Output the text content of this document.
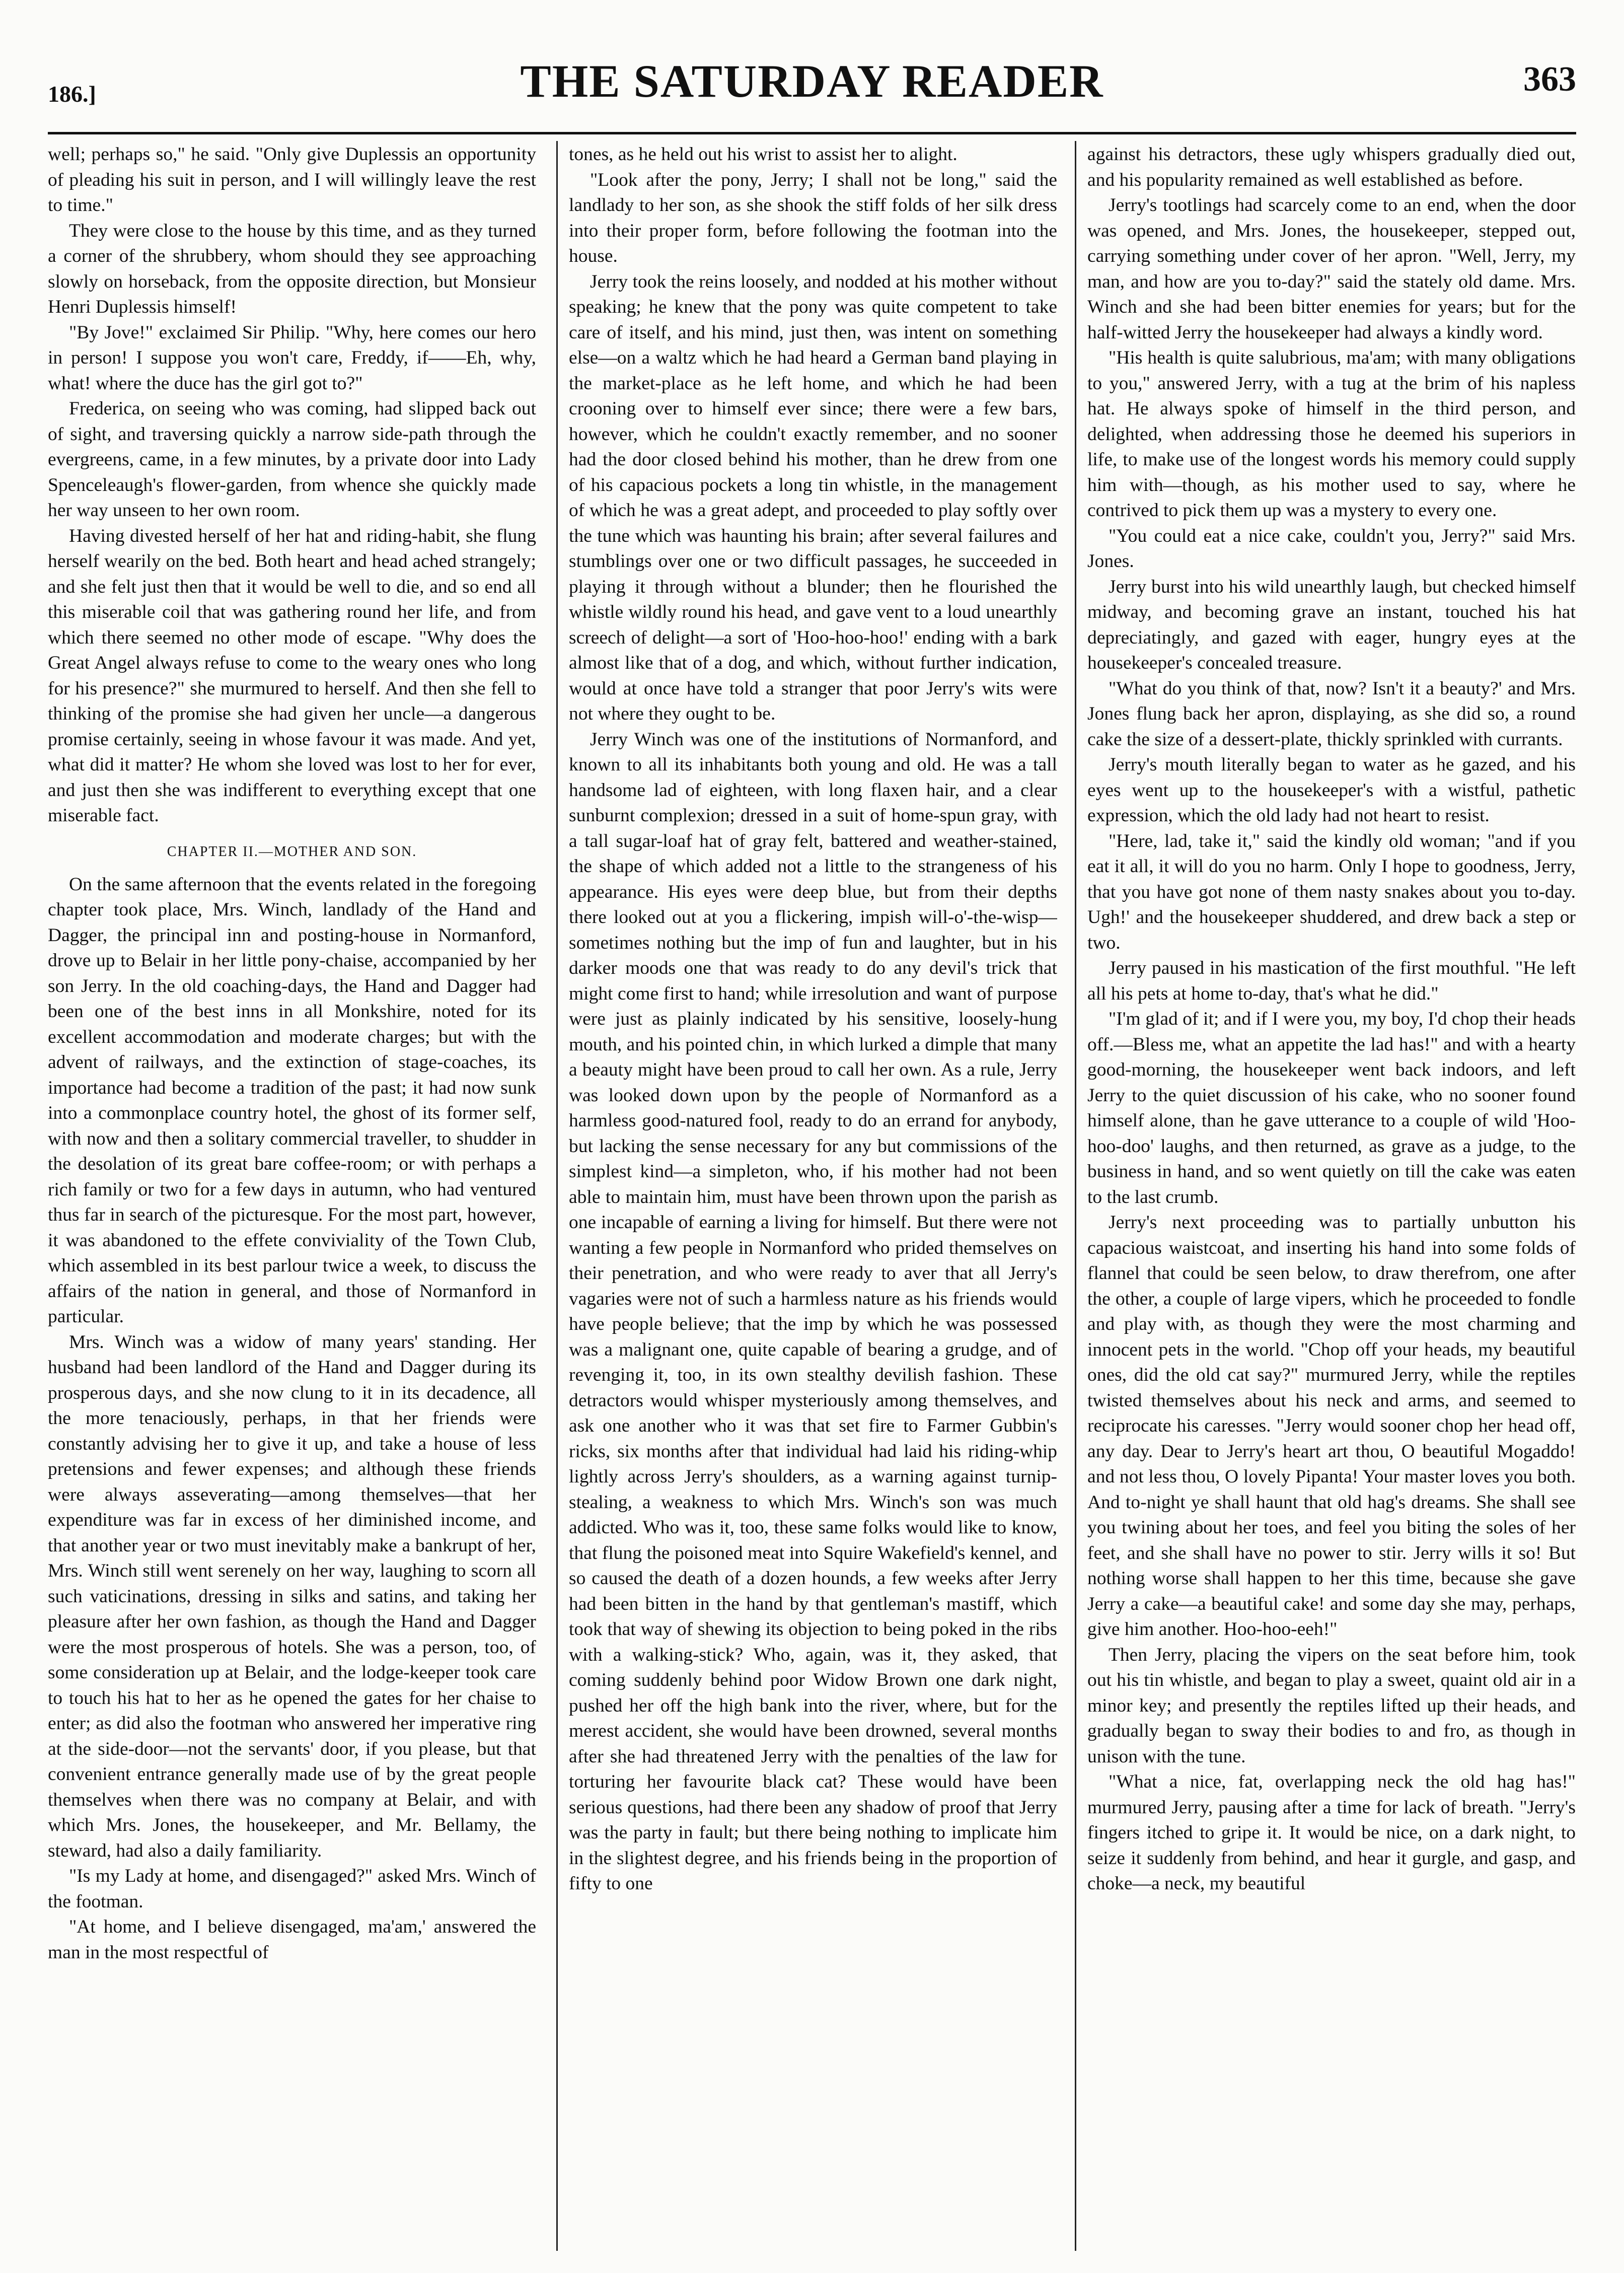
186.]	THE SATURDAY READER	363

well; perhaps so," he said. "Only give Duplessis an opportunity of pleading his suit in person, and I will willingly leave the rest to time."

They were close to the house by this time, and as they turned a corner of the shrubbery, whom should they see approaching slowly on horseback, from the opposite direction, but Monsieur Henri Duplessis himself!

"By Jove!" exclaimed Sir Philip. "Why, here comes our hero in person! I suppose you won't care, Freddy, if——Eh, why, what! where the duce has the girl got to?"

Frederica, on seeing who was coming, had slipped back out of sight, and traversing quickly a narrow side-path through the evergreens, came, in a few minutes, by a private door into Lady Spenceleaugh's flower-garden, from whence she quickly made her way unseen to her own room.

Having divested herself of her hat and riding-habit, she flung herself wearily on the bed. Both heart and head ached strangely; and she felt just then that it would be well to die, and so end all this miserable coil that was gathering round her life, and from which there seemed no other mode of escape. "Why does the Great Angel always refuse to come to the weary ones who long for his presence?" she murmured to herself. And then she fell to thinking of the promise she had given her uncle—a dangerous promise certainly, seeing in whose favour it was made. And yet, what did it matter? He whom she loved was lost to her for ever, and just then she was indifferent to everything except that one miserable fact.

CHAPTER II.—MOTHER AND SON.

On the same afternoon that the events related in the foregoing chapter took place, Mrs. Winch, landlady of the Hand and Dagger, the principal inn and posting-house in Normanford, drove up to Belair in her little pony-chaise, accompanied by her son Jerry. In the old coaching-days, the Hand and Dagger had been one of the best inns in all Monkshire, noted for its excellent accommodation and moderate charges; but with the advent of railways, and the extinction of stage-coaches, its importance had become a tradition of the past; it had now sunk into a commonplace country hotel, the ghost of its former self, with now and then a solitary commercial traveller, to shudder in the desolation of its great bare coffee-room; or with perhaps a rich family or two for a few days in autumn, who had ventured thus far in search of the picturesque. For the most part, however, it was abandoned to the effete conviviality of the Town Club, which assembled in its best parlour twice a week, to discuss the affairs of the nation in general, and those of Normanford in particular.

Mrs. Winch was a widow of many years' standing. Her husband had been landlord of the Hand and Dagger during its prosperous days, and she now clung to it in its decadence, all the more tenaciously, perhaps, in that her friends were constantly advising her to give it up, and take a house of less pretensions and fewer expenses; and although these friends were always asseverating—among themselves—that her expenditure was far in excess of her diminished income, and that another year or two must inevitably make a bankrupt of her, Mrs. Winch still went serenely on her way, laughing to scorn all such vaticinations, dressing in silks and satins, and taking her pleasure after her own fashion, as though the Hand and Dagger were the most prosperous of hotels. She was a person, too, of some consideration up at Belair, and the lodge-keeper took care to touch his hat to her as he opened the gates for her chaise to enter; as did also the footman who answered her imperative ring at the side-door—not the servants' door, if you please, but that convenient entrance generally made use of by the great people themselves when there was no company at Belair, and with which Mrs. Jones, the housekeeper, and Mr. Bellamy, the steward, had also a daily familiarity.

"Is my Lady at home, and disengaged?" asked Mrs. Winch of the footman.

"At home, and I believe disengaged, ma'am,' answered the man in the most respectful of

tones, as he held out his wrist to assist her to alight.

"Look after the pony, Jerry; I shall not be long," said the landlady to her son, as she shook the stiff folds of her silk dress into their proper form, before following the footman into the house.

Jerry took the reins loosely, and nodded at his mother without speaking; he knew that the pony was quite competent to take care of itself, and his mind, just then, was intent on something else—on a waltz which he had heard a German band playing in the market-place as he left home, and which he had been crooning over to himself ever since; there were a few bars, however, which he couldn't exactly remember, and no sooner had the door closed behind his mother, than he drew from one of his capacious pockets a long tin whistle, in the management of which he was a great adept, and proceeded to play softly over the tune which was haunting his brain; after several failures and stumblings over one or two difficult passages, he succeeded in playing it through without a blunder; then he flourished the whistle wildly round his head, and gave vent to a loud unearthly screech of delight—a sort of 'Hoo-hoo-hoo!' ending with a bark almost like that of a dog, and which, without further indication, would at once have told a stranger that poor Jerry's wits were not where they ought to be.

Jerry Winch was one of the institutions of Normanford, and known to all its inhabitants both young and old. He was a tall handsome lad of eighteen, with long flaxen hair, and a clear sunburnt complexion; dressed in a suit of home-spun gray, with a tall sugar-loaf hat of gray felt, battered and weather-stained, the shape of which added not a little to the strangeness of his appearance. His eyes were deep blue, but from their depths there looked out at you a flickering, impish will-o'-the-wisp—sometimes nothing but the imp of fun and laughter, but in his darker moods one that was ready to do any devil's trick that might come first to hand; while irresolution and want of purpose were just as plainly indicated by his sensitive, loosely-hung mouth, and his pointed chin, in which lurked a dimple that many a beauty might have been proud to call her own. As a rule, Jerry was looked down upon by the people of Normanford as a harmless good-natured fool, ready to do an errand for anybody, but lacking the sense necessary for any but commissions of the simplest kind—a simpleton, who, if his mother had not been able to maintain him, must have been thrown upon the parish as one incapable of earning a living for himself. But there were not wanting a few people in Normanford who prided themselves on their penetration, and who were ready to aver that all Jerry's vagaries were not of such a harmless nature as his friends would have people believe; that the imp by which he was possessed was a malignant one, quite capable of bearing a grudge, and of revenging it, too, in its own stealthy devilish fashion. These detractors would whisper mysteriously among themselves, and ask one another who it was that set fire to Farmer Gubbin's ricks, six months after that individual had laid his riding-whip lightly across Jerry's shoulders, as a warning against turnip-stealing, a weakness to which Mrs. Winch's son was much addicted. Who was it, too, these same folks would like to know, that flung the poisoned meat into Squire Wakefield's kennel, and so caused the death of a dozen hounds, a few weeks after Jerry had been bitten in the hand by that gentleman's mastiff, which took that way of shewing its objection to being poked in the ribs with a walking-stick? Who, again, was it, they asked, that coming suddenly behind poor Widow Brown one dark night, pushed her off the high bank into the river, where, but for the merest accident, she would have been drowned, several months after she had threatened Jerry with the penalties of the law for torturing her favourite black cat? These would have been serious questions, had there been any shadow of proof that Jerry was the party in fault; but there being nothing to implicate him in the slightest degree, and his friends being in the proportion of fifty to one

against his detractors, these ugly whispers gradually died out, and his popularity remained as well established as before.

Jerry's tootlings had scarcely come to an end, when the door was opened, and Mrs. Jones, the housekeeper, stepped out, carrying something under cover of her apron. "Well, Jerry, my man, and how are you to-day?" said the stately old dame. Mrs. Winch and she had been bitter enemies for years; but for the half-witted Jerry the housekeeper had always a kindly word.

"His health is quite salubrious, ma'am; with many obligations to you," answered Jerry, with a tug at the brim of his napless hat. He always spoke of himself in the third person, and delighted, when addressing those he deemed his superiors in life, to make use of the longest words his memory could supply him with—though, as his mother used to say, where he contrived to pick them up was a mystery to every one.

"You could eat a nice cake, couldn't you, Jerry?" said Mrs. Jones.

Jerry burst into his wild unearthly laugh, but checked himself midway, and becoming grave an instant, touched his hat depreciatingly, and gazed with eager, hungry eyes at the housekeeper's concealed treasure.

"What do you think of that, now? Isn't it a beauty?' and Mrs. Jones flung back her apron, displaying, as she did so, a round cake the size of a dessert-plate, thickly sprinkled with currants.

Jerry's mouth literally began to water as he gazed, and his eyes went up to the housekeeper's with a wistful, pathetic expression, which the old lady had not heart to resist.

"Here, lad, take it," said the kindly old woman; "and if you eat it all, it will do you no harm. Only I hope to goodness, Jerry, that you have got none of them nasty snakes about you to-day. Ugh!' and the housekeeper shuddered, and drew back a step or two.

Jerry paused in his mastication of the first mouthful. "He left all his pets at home to-day, that's what he did."

"I'm glad of it; and if I were you, my boy, I'd chop their heads off.—Bless me, what an appetite the lad has!" and with a hearty good-morning, the housekeeper went back indoors, and left Jerry to the quiet discussion of his cake, who no sooner found himself alone, than he gave utterance to a couple of wild 'Hoo-hoo-doo' laughs, and then returned, as grave as a judge, to the business in hand, and so went quietly on till the cake was eaten to the last crumb.

Jerry's next proceeding was to partially unbutton his capacious waistcoat, and inserting his hand into some folds of flannel that could be seen below, to draw therefrom, one after the other, a couple of large vipers, which he proceeded to fondle and play with, as though they were the most charming and innocent pets in the world. "Chop off your heads, my beautiful ones, did the old cat say?" murmured Jerry, while the reptiles twisted themselves about his neck and arms, and seemed to reciprocate his caresses. "Jerry would sooner chop her head off, any day. Dear to Jerry's heart art thou, O beautiful Mogaddo! and not less thou, O lovely Pipanta! Your master loves you both. And to-night ye shall haunt that old hag's dreams. She shall see you twining about her toes, and feel you biting the soles of her feet, and she shall have no power to stir. Jerry wills it so! But nothing worse shall happen to her this time, because she gave Jerry a cake—a beautiful cake! and some day she may, perhaps, give him another. Hoo-hoo-eeh!"

Then Jerry, placing the vipers on the seat before him, took out his tin whistle, and began to play a sweet, quaint old air in a minor key; and presently the reptiles lifted up their heads, and gradually began to sway their bodies to and fro, as though in unison with the tune.

"What a nice, fat, overlapping neck the old hag has!" murmured Jerry, pausing after a time for lack of breath. "Jerry's fingers itched to gripe it. It would be nice, on a dark night, to seize it suddenly from behind, and hear it gurgle, and gasp, and choke—a neck, my beautiful
